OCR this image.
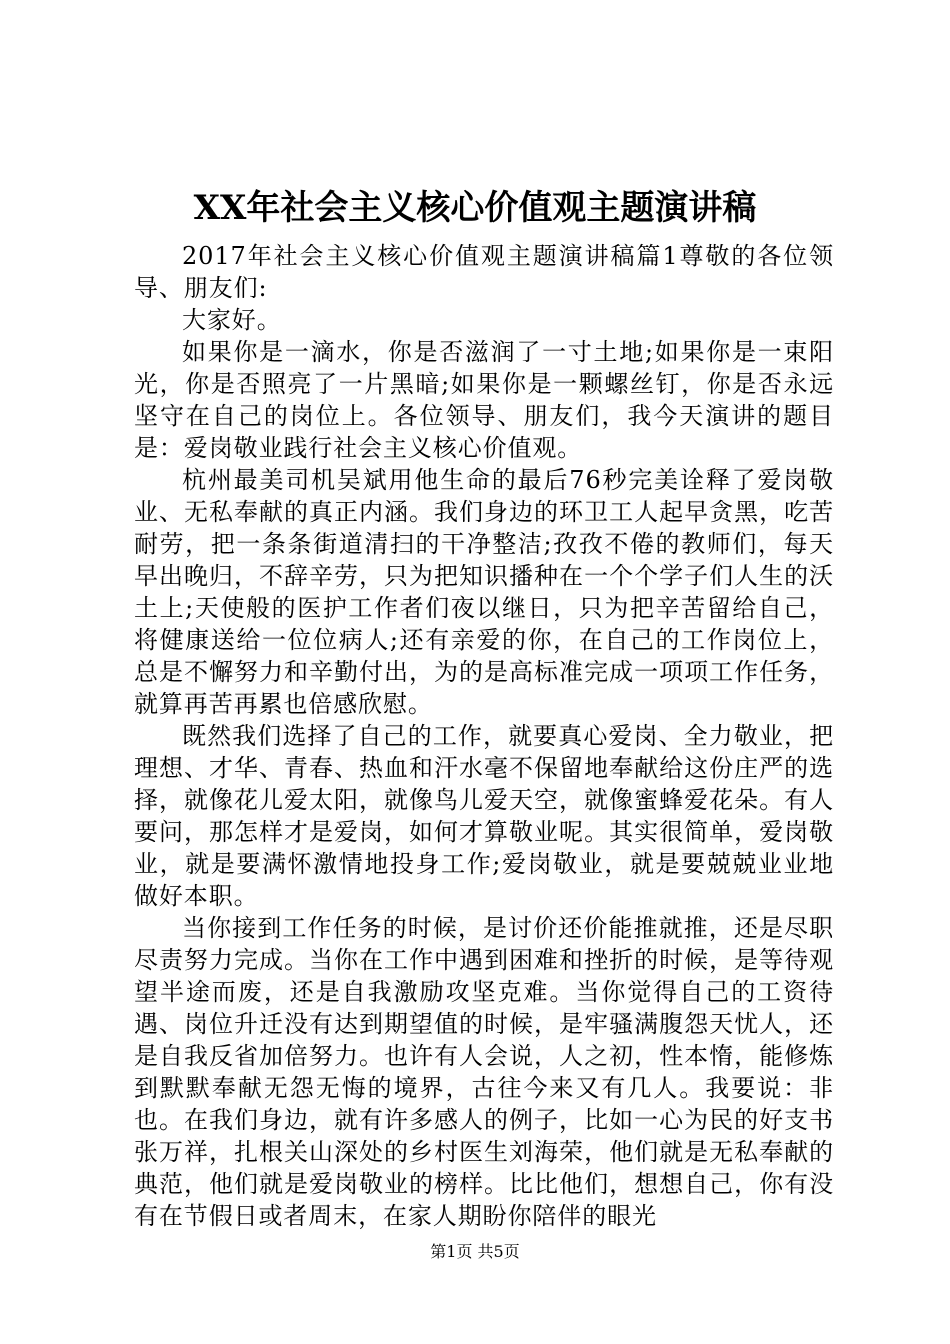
XX年社会主义核心价值观主题演讲稿

2017年社会主义核心价值观主题演讲稿篇1尊敬的各位领导、朋友们:

大家好。

如果你是一滴水，你是否滋润了一寸土地;如果你是一束阳光，你是否照亮了一片黑暗;如果你是一颗螺丝钉，你是否永远坚守在自己的岗位上。各位领导、朋友们，我今天演讲的题目是：爱岗敬业践行社会主义核心价值观。

杭州最美司机吴斌用他生命的最后76秒完美诠释了爱岗敬业、无私奉献的真正内涵。我们身边的环卫工人起早贪黑，吃苦耐劳，把一条条街道清扫的干净整洁;孜孜不倦的教师们，每天早出晚归，不辞辛劳，只为把知识播种在一个个学子们人生的沃土上;天使般的医护工作者们夜以继日，只为把辛苦留给自己，将健康送给一位位病人;还有亲爱的你，在自己的工作岗位上，总是不懈努力和辛勤付出，为的是高标准完成一项项工作任务，就算再苦再累也倍感欣慰。

既然我们选择了自己的工作，就要真心爱岗、全力敬业，把理想、才华、青春、热血和汗水毫不保留地奉献给这份庄严的选择，就像花儿爱太阳，就像鸟儿爱天空，就像蜜蜂爱花朵。有人要问，那怎样才是爱岗，如何才算敬业呢。其实很简单，爱岗敬业，就是要满怀激情地投身工作;爱岗敬业，就是要兢兢业业地做好本职。

当你接到工作任务的时候，是讨价还价能推就推，还是尽职尽责努力完成。当你在工作中遇到困难和挫折的时候，是等待观望半途而废，还是自我激励攻坚克难。当你觉得自己的工资待遇、岗位升迁没有达到期望值的时候，是牢骚满腹怨天忧人，还是自我反省加倍努力。也许有人会说，人之初，性本惰，能修炼到默默奉献无怨无悔的境界，古往今来又有几人。我要说：非也。在我们身边，就有许多感人的例子，比如一心为民的好支书张万祥，扎根关山深处的乡村医生刘海荣，他们就是无私奉献的典范，他们就是爱岗敬业的榜样。比比他们，想想自己，你有没有在节假日或者周末，在家人期盼你陪伴的眼光

第1页 共5页
